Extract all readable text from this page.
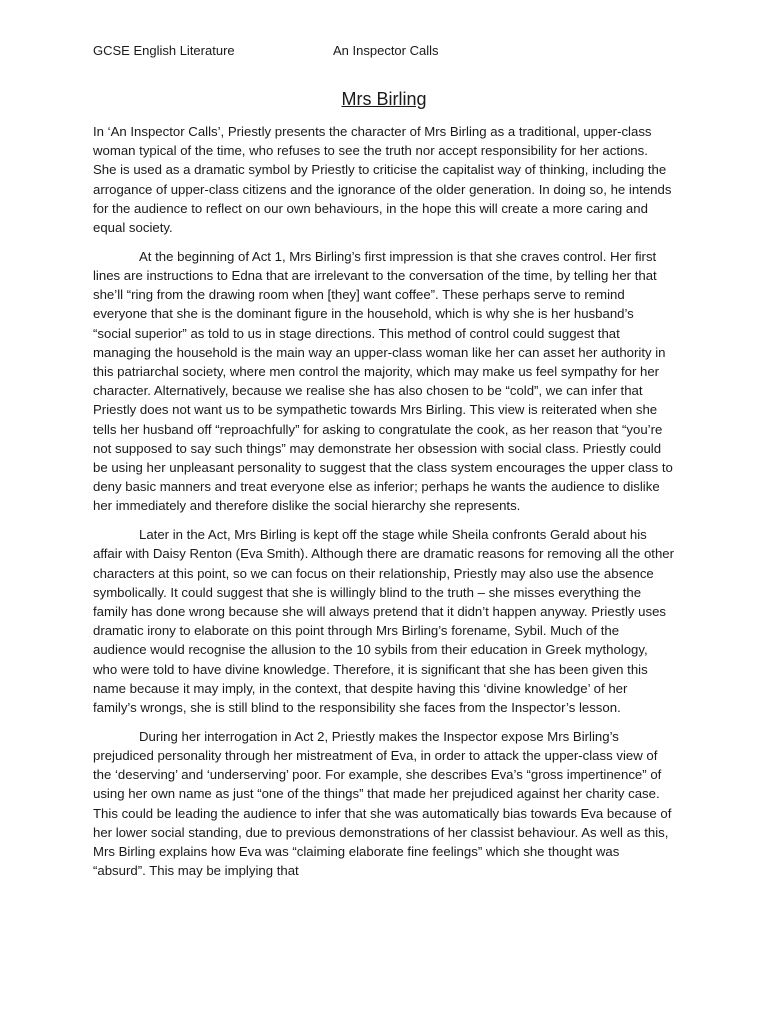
GCSE English Literature	An Inspector Calls
Mrs Birling

In ‘An Inspector Calls’, Priestly presents the character of Mrs Birling as a traditional, upper-class woman typical of the time, who refuses to see the truth nor accept responsibility for her actions. She is used as a dramatic symbol by Priestly to criticise the capitalist way of thinking, including the arrogance of upper-class citizens and the ignorance of the older generation. In doing so, he intends for the audience to reflect on our own behaviours, in the hope this will create a more caring and equal society.

At the beginning of Act 1, Mrs Birling’s first impression is that she craves control. Her first lines are instructions to Edna that are irrelevant to the conversation of the time, by telling her that she’ll “ring from the drawing room when [they] want coffee”. These perhaps serve to remind everyone that she is the dominant figure in the household, which is why she is her husband’s “social superior” as told to us in stage directions. This method of control could suggest that managing the household is the main way an upper-class woman like her can asset her authority in this patriarchal society, where men control the majority, which may make us feel sympathy for her character. Alternatively, because we realise she has also chosen to be “cold”, we can infer that Priestly does not want us to be sympathetic towards Mrs Birling. This view is reiterated when she tells her husband off “reproachfully” for asking to congratulate the cook, as her reason that “you’re not supposed to say such things” may demonstrate her obsession with social class. Priestly could be using her unpleasant personality to suggest that the class system encourages the upper class to deny basic manners and treat everyone else as inferior; perhaps he wants the audience to dislike her immediately and therefore dislike the social hierarchy she represents.

Later in the Act, Mrs Birling is kept off the stage while Sheila confronts Gerald about his affair with Daisy Renton (Eva Smith). Although there are dramatic reasons for removing all the other characters at this point, so we can focus on their relationship, Priestly may also use the absence symbolically. It could suggest that she is willingly blind to the truth – she misses everything the family has done wrong because she will always pretend that it didn’t happen anyway. Priestly uses dramatic irony to elaborate on this point through Mrs Birling’s forename, Sybil. Much of the audience would recognise the allusion to the 10 sybils from their education in Greek mythology, who were told to have divine knowledge. Therefore, it is significant that she has been given this name because it may imply, in the context, that despite having this ‘divine knowledge’ of her family’s wrongs, she is still blind to the responsibility she faces from the Inspector’s lesson.

During her interrogation in Act 2, Priestly makes the Inspector expose Mrs Birling’s prejudiced personality through her mistreatment of Eva, in order to attack the upper-class view of the ‘deserving’ and ‘underserving’ poor. For example, she describes Eva’s “gross impertinence” of using her own name as just “one of the things” that made her prejudiced against her charity case. This could be leading the audience to infer that she was automatically bias towards Eva because of her lower social standing, due to previous demonstrations of her classist behaviour. As well as this, Mrs Birling explains how Eva was “claiming elaborate fine feelings” which she thought was “absurd”. This may be implying that
